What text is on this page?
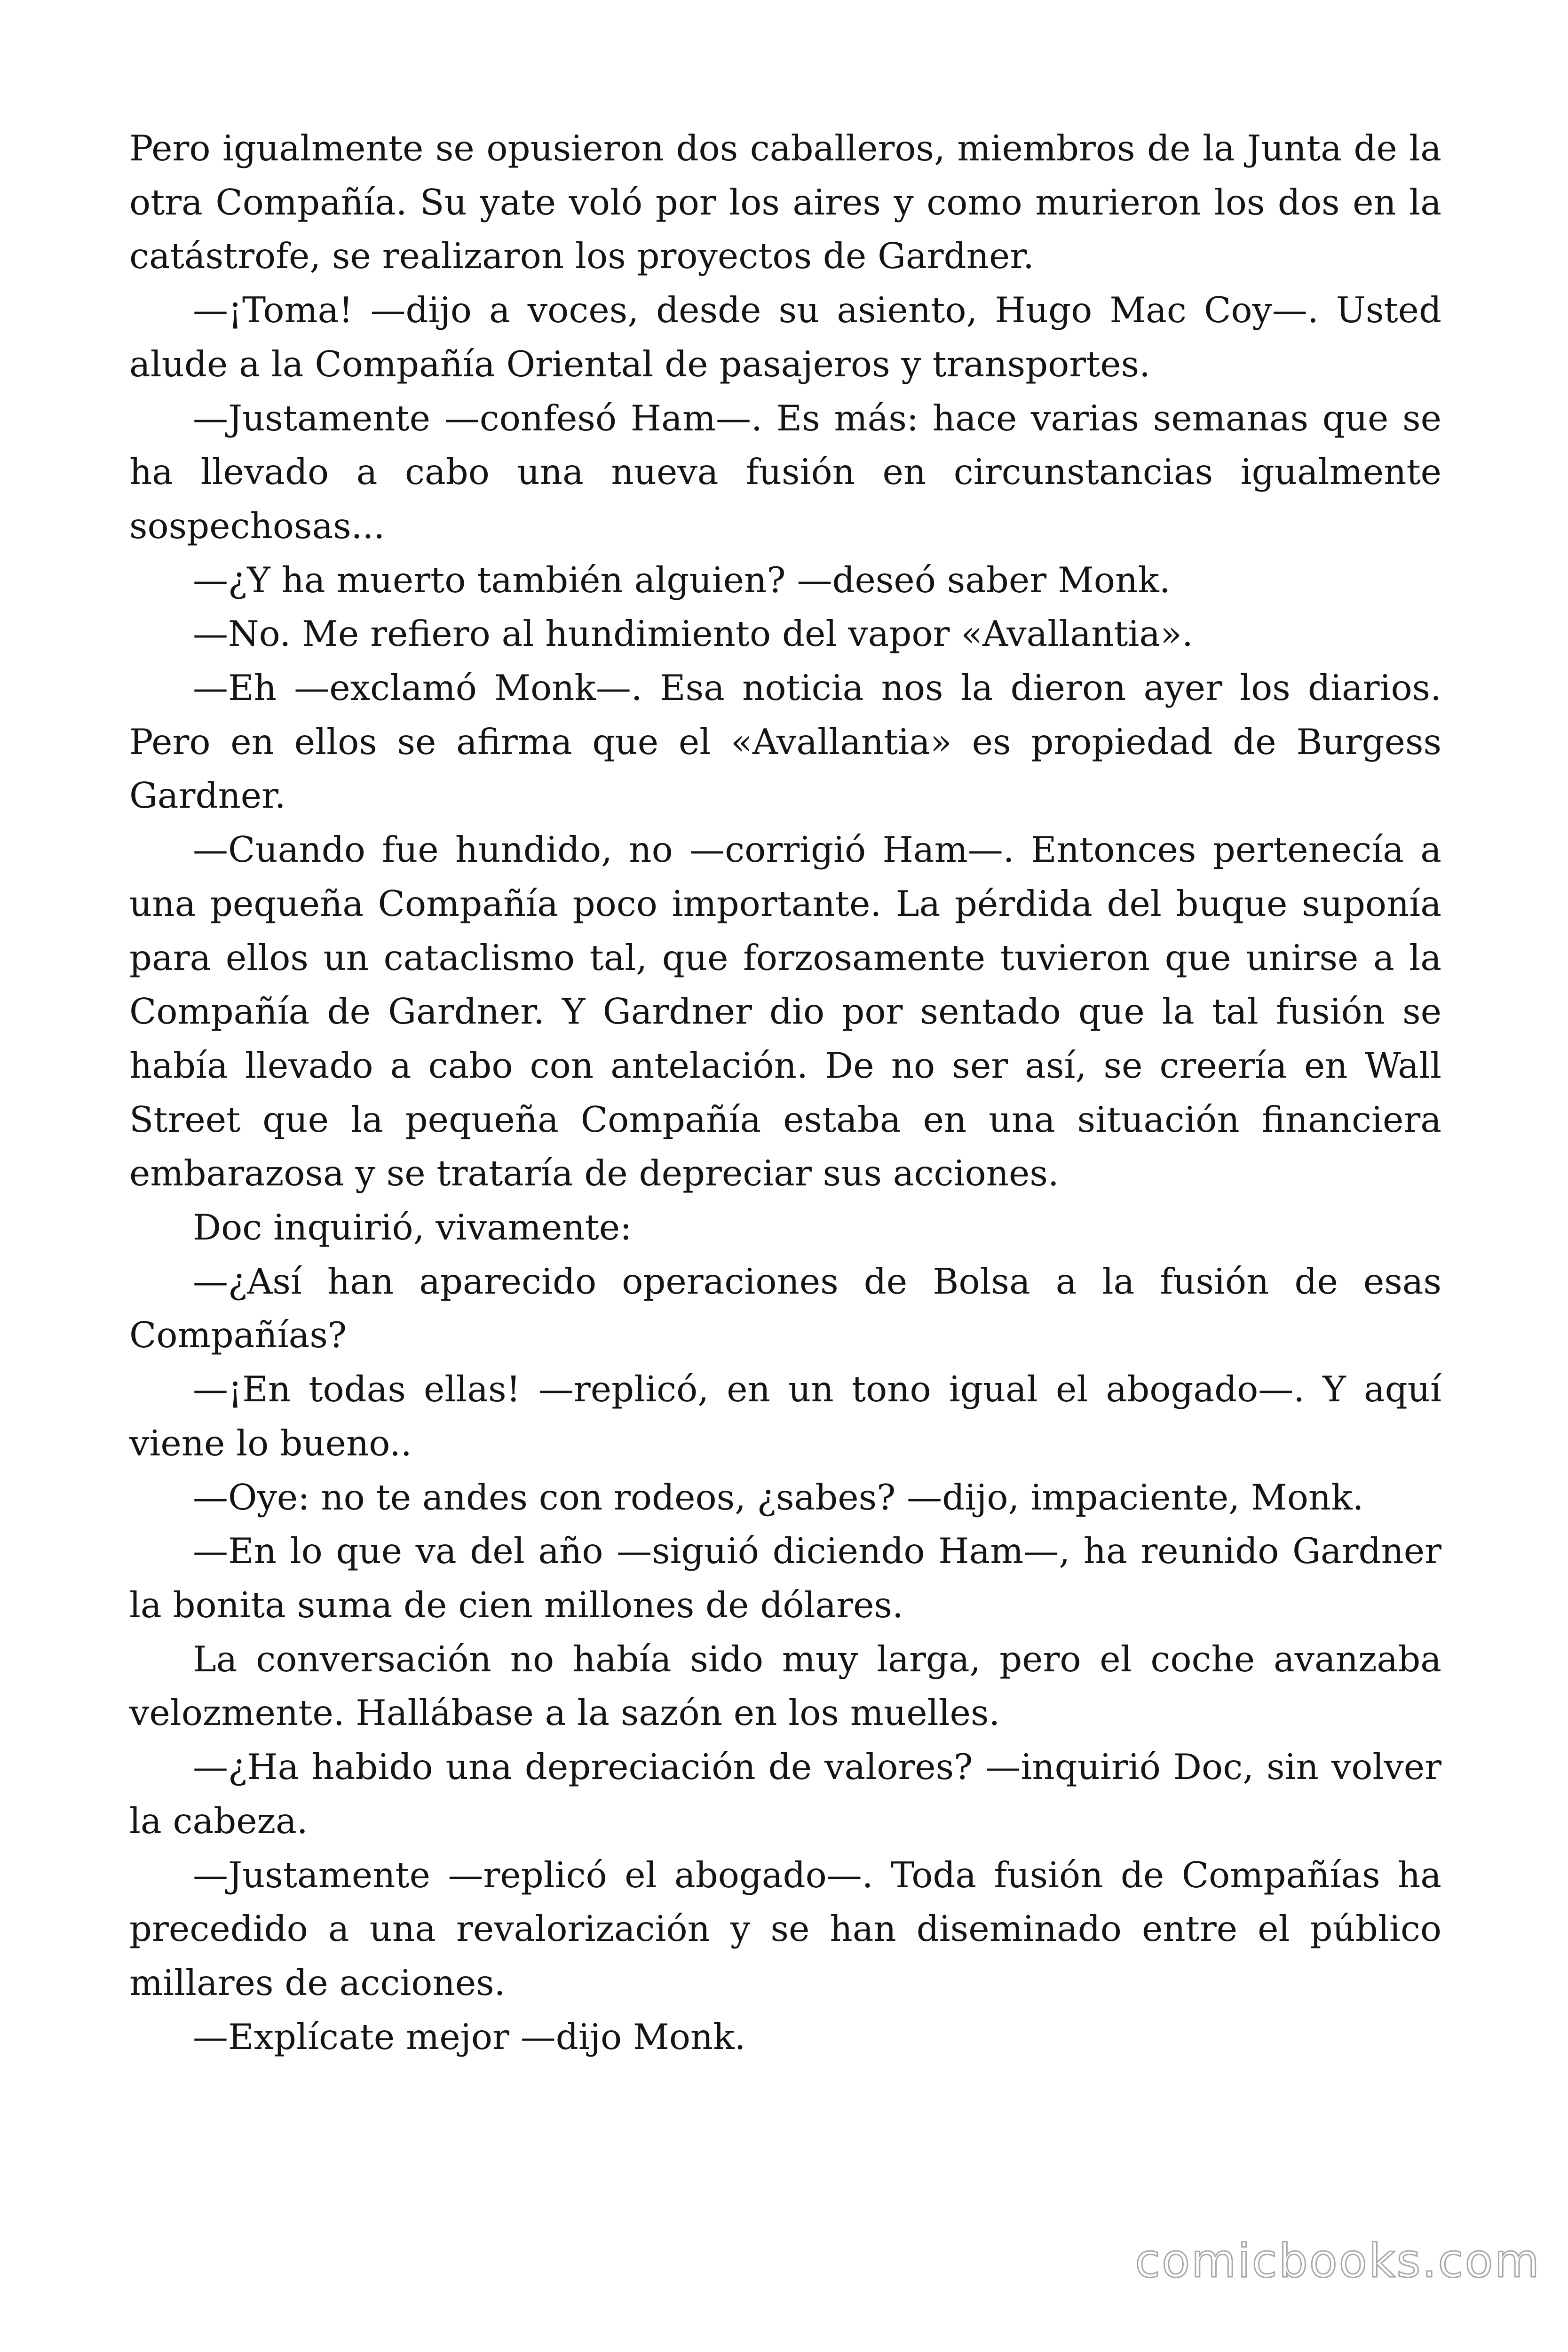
Pero igualmente se opusieron dos caballeros, miembros de la Junta de la otra Compañía. Su yate voló por los aires y como murieron los dos en la catástrofe, se realizaron los proyectos de Gardner.

—¡Toma! —dijo a voces, desde su asiento, Hugo Mac Coy—. Usted alude a la Compañía Oriental de pasajeros y transportes.

—Justamente —confesó Ham—. Es más: hace varias semanas que se ha llevado a cabo una nueva fusión en circunstancias igualmente sospechosas...

—¿Y ha muerto también alguien? —deseó saber Monk.

—No. Me refiero al hundimiento del vapor «Avallantia».

—Eh —exclamó Monk—. Esa noticia nos la dieron ayer los diarios. Pero en ellos se afirma que el «Avallantia» es propiedad de Burgess Gardner.

—Cuando fue hundido, no —corrigió Ham—. Entonces pertenecía a una pequeña Compañía poco importante. La pérdida del buque suponía para ellos un cataclismo tal, que forzosamente tuvieron que unirse a la Compañía de Gardner. Y Gardner dio por sentado que la tal fusión se había llevado a cabo con antelación. De no ser así, se creería en Wall Street que la pequeña Compañía estaba en una situación financiera embarazosa y se trataría de depreciar sus acciones.

Doc inquirió, vivamente:

—¿Así han aparecido operaciones de Bolsa a la fusión de esas Compañías?

—¡En todas ellas! —replicó, en un tono igual el abogado—. Y aquí viene lo bueno..

—Oye: no te andes con rodeos, ¿sabes? —dijo, impaciente, Monk.

—En lo que va del año —siguió diciendo Ham—, ha reunido Gardner la bonita suma de cien millones de dólares.

La conversación no había sido muy larga, pero el coche avanzaba velozmente. Hallábase a la sazón en los muelles.

—¿Ha habido una depreciación de valores? —inquirió Doc, sin volver la cabeza.

—Justamente —replicó el abogado—. Toda fusión de Compañías ha precedido a una revalorización y se han diseminado entre el público millares de acciones.

—Explícate mejor —dijo Monk.

comicbooks.com
